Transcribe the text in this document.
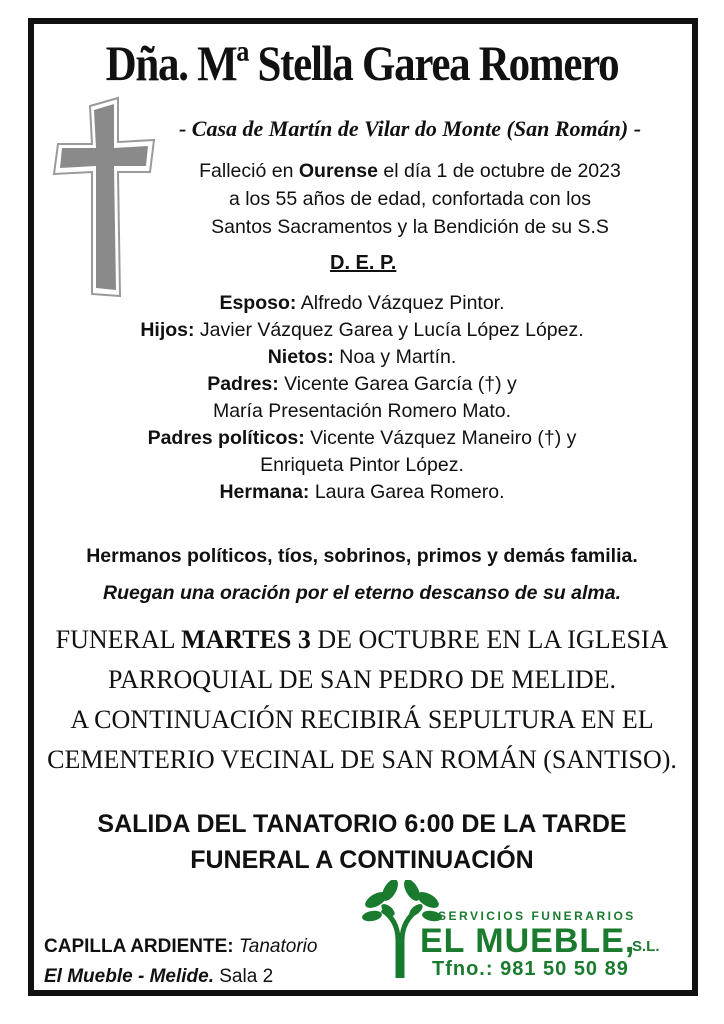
Dña. Mª Stella Garea Romero
- Casa de Martín de Vilar do Monte (San Román) -
Falleció en Ourense el día 1 de octubre de 2023
a los 55 años de edad, confortada con los
Santos Sacramentos y la Bendición de su S.S
D. E. P.
Esposo: Alfredo Vázquez Pintor.
Hijos: Javier Vázquez Garea y Lucía López López.
Nietos: Noa y Martín.
Padres: Vicente Garea García (†) y
María Presentación Romero Mato.
Padres políticos: Vicente Vázquez Maneiro (†) y
Enriqueta Pintor López.
Hermana: Laura Garea Romero.
Hermanos políticos, tíos, sobrinos, primos y demás familia.
Ruegan una oración por el eterno descanso de su alma.
FUNERAL MARTES 3 DE OCTUBRE EN LA IGLESIA
PARROQUIAL DE SAN PEDRO DE MELIDE.
A CONTINUACIÓN RECIBIRÁ SEPULTURA EN EL
CEMENTERIO VECINAL DE SAN ROMÁN (SANTISO).
SALIDA DEL TANATORIO 6:00 DE LA TARDE
FUNERAL A CONTINUACIÓN
CAPILLA ARDIENTE: Tanatorio
El Mueble - Melide. Sala 2
SERVICIOS FUNERARIOS
EL MUEBLE,
S.L.
Tfno.: 981 50 50 89
